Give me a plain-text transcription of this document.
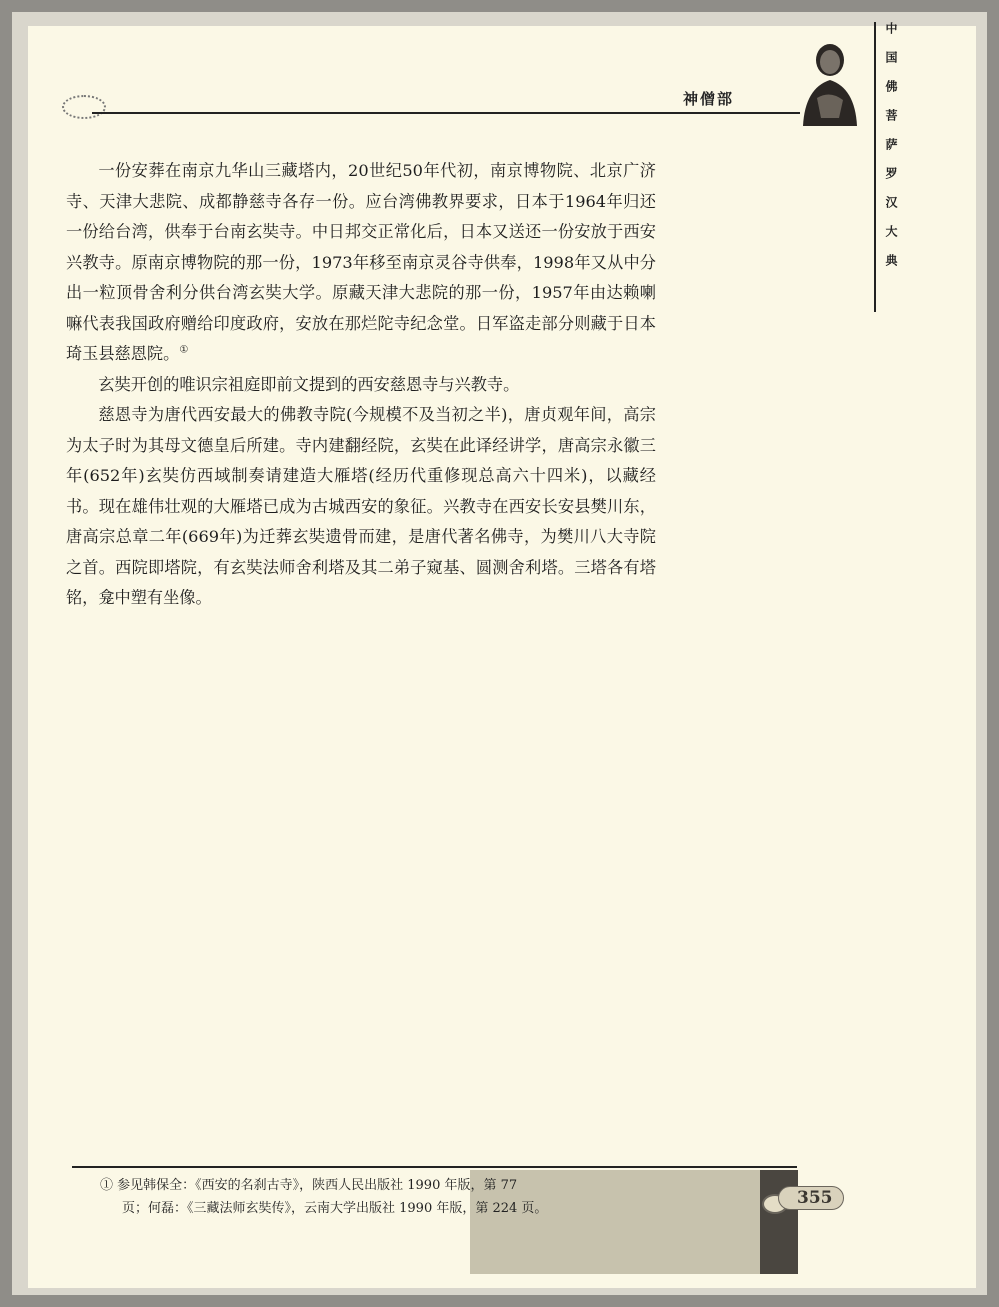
神僧部	中国佛菩萨罗汉大典

一份安葬在南京九华山三藏塔内，20世纪50年代初，南京博物院、北京广济寺、天津大悲院、成都静慈寺各存一份。应台湾佛教界要求，日本于1964年归还一份给台湾，供奉于台南玄奘寺。中日邦交正常化后，日本又送还一份安放于西安兴教寺。原南京博物院的那一份，1973年移至南京灵谷寺供奉，1998年又从中分出一粒顶骨舍利分供台湾玄奘大学。原藏天津大悲院的那一份，1957年由达赖喇嘛代表我国政府赠给印度政府，安放在那烂陀寺纪念堂。日军盗走部分则藏于日本琦玉县慈恩院。①

玄奘开创的唯识宗祖庭即前文提到的西安慈恩寺与兴教寺。

慈恩寺为唐代西安最大的佛教寺院(今规模不及当初之半)，唐贞观年间，高宗为太子时为其母文德皇后所建。寺内建翻经院，玄奘在此译经讲学，唐高宗永徽三年(652年)玄奘仿西域制奏请建造大雁塔(经历代重修现总高六十四米)，以藏经书。现在雄伟壮观的大雁塔已成为古城西安的象征。兴教寺在西安长安县樊川东，唐高宗总章二年(669年)为迁葬玄奘遗骨而建，是唐代著名佛寺，为樊川八大寺院之首。西院即塔院，有玄奘法师舍利塔及其二弟子窥基、圆测舍利塔。三塔各有塔铭，龛中塑有坐像。

① 参见韩保全：《西安的名刹古寺》，陕西人民出版社 1990 年版，第 77
页；何磊：《三藏法师玄奘传》，云南大学出版社 1990 年版，第 224 页。
355
